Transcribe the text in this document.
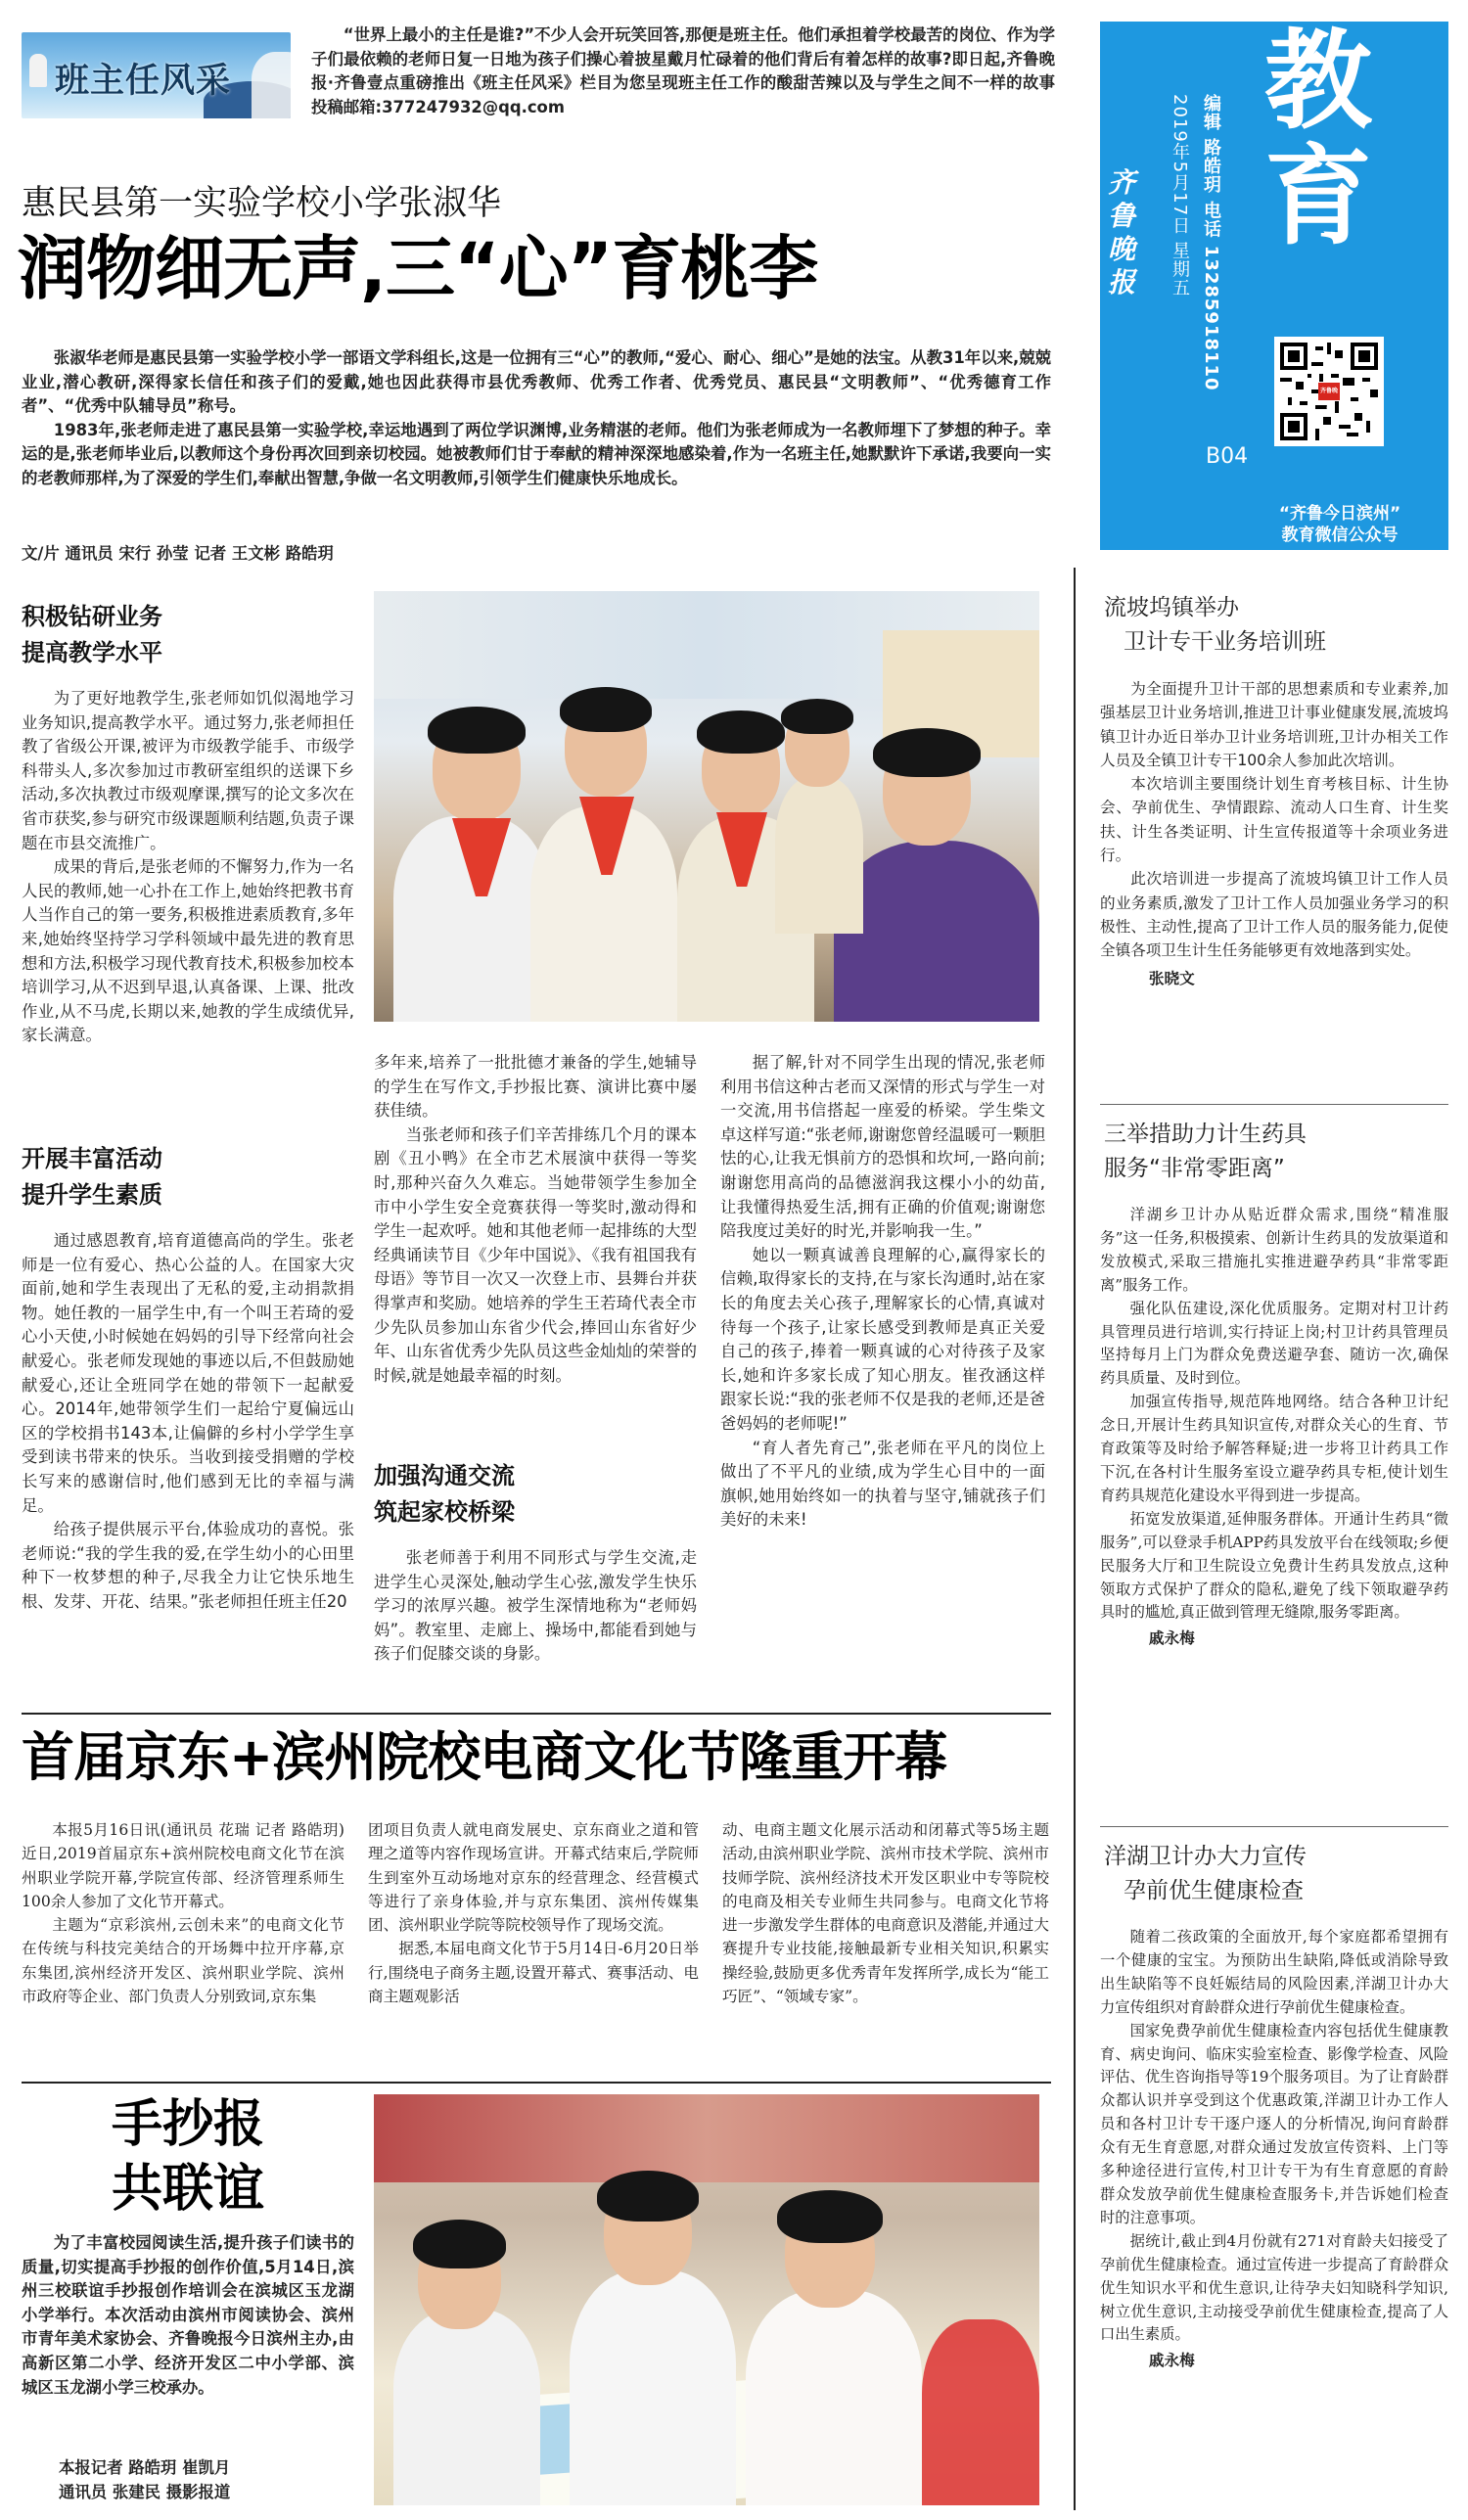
班主任风采
“世界上最小的主任是谁?”不少人会开玩笑回答,那便是班主任。他们承担着学校最苦的岗位、作为学子们最依赖的老师日复一日地为孩子们操心着披星戴月忙碌着的他们背后有着怎样的故事?即日起,齐鲁晚报·齐鲁壹点重磅推出《班主任风采》栏目为您呈现班主任工作的酸甜苦辣以及与学生之间不一样的故事投稿邮箱:377247932@qq.com
齐鲁晚报	2019年5月17日 星期五 编辑 路皓玥 电话 13285918110
教育
齐鲁晚报
B04
“齐鲁今日滨州”
教育微信公众号
惠民县第一实验学校小学张淑华
润物细无声,三“心”育桃李

张淑华老师是惠民县第一实验学校小学一部语文学科组长,这是一位拥有三“心”的教师,“爱心、耐心、细心”是她的法宝。从教31年以来,兢兢业业,潜心教研,深得家长信任和孩子们的爱戴,她也因此获得市县优秀教师、优秀工作者、优秀党员、惠民县“文明教师”、“优秀德育工作者”、“优秀中队辅导员”称号。

1983年,张老师走进了惠民县第一实验学校,幸运地遇到了两位学识渊博,业务精湛的老师。他们为张老师成为一名教师埋下了梦想的种子。幸运的是,张老师毕业后,以教师这个身份再次回到亲切校园。她被教师们甘于奉献的精神深深地感染着,作为一名班主任,她默默许下承诺,我要向一实的老教师那样,为了深爱的学生们,奉献出智慧,争做一名文明教师,引领学生们健康快乐地成长。

文/片 通讯员 宋行 孙莹 记者 王文彬 路皓玥
积极钻研业务
提高教学水平

为了更好地教学生,张老师如饥似渴地学习业务知识,提高教学水平。通过努力,张老师担任教了省级公开课,被评为市级教学能手、市级学科带头人,多次参加过市教研室组织的送课下乡活动,多次执教过市级观摩课,撰写的论文多次在省市获奖,参与研究市级课题顺利结题,负责子课题在市县交流推广。

成果的背后,是张老师的不懈努力,作为一名人民的教师,她一心扑在工作上,她始终把教书育人当作自己的第一要务,积极推进素质教育,多年来,她始终坚持学习学科领域中最先进的教育思想和方法,积极学习现代教育技术,积极参加校本培训学习,从不迟到早退,认真备课、上课、批改作业,从不马虎,长期以来,她教的学生成绩优异,家长满意。

开展丰富活动
提升学生素质

通过感恩教育,培育道德高尚的学生。张老师是一位有爱心、热心公益的人。在国家大灾面前,她和学生表现出了无私的爱,主动捐款捐物。她任教的一届学生中,有一个叫王若琦的爱心小天使,小时候她在妈妈的引导下经常向社会献爱心。张老师发现她的事迹以后,不但鼓励她献爱心,还让全班同学在她的带领下一起献爱心。2014年,她带领学生们一起给宁夏偏远山区的学校捐书143本,让偏僻的乡村小学学生享受到读书带来的快乐。当收到接受捐赠的学校长写来的感谢信时,他们感到无比的幸福与满足。

给孩子提供展示平台,体验成功的喜悦。张老师说:“我的学生我的爱,在学生幼小的心田里种下一枚梦想的种子,尽我全力让它快乐地生根、发芽、开花、结果。”张老师担任班主任20

多年来,培养了一批批德才兼备的学生,她辅导的学生在写作文,手抄报比赛、演讲比赛中屡获佳绩。

当张老师和孩子们辛苦排练几个月的课本剧《丑小鸭》在全市艺术展演中获得一等奖时,那种兴奋久久难忘。当她带领学生参加全市中小学生安全竞赛获得一等奖时,激动得和学生一起欢呼。她和其他老师一起排练的大型经典诵读节目《少年中国说》、《我有祖国我有母语》等节目一次又一次登上市、县舞台并获得掌声和奖励。她培养的学生王若琦代表全市少先队员参加山东省少代会,捧回山东省好少年、山东省优秀少先队员这些金灿灿的荣誉的时候,就是她最幸福的时刻。

加强沟通交流
筑起家校桥梁

张老师善于利用不同形式与学生交流,走进学生心灵深处,触动学生心弦,激发学生快乐学习的浓厚兴趣。被学生深情地称为“老师妈妈”。教室里、走廊上、操场中,都能看到她与孩子们促膝交谈的身影。

据了解,针对不同学生出现的情况,张老师利用书信这种古老而又深情的形式与学生一对一交流,用书信搭起一座爱的桥梁。学生柴文卓这样写道:“张老师,谢谢您曾经温暖可一颗胆怯的心,让我无惧前方的恐惧和坎坷,一路向前;谢谢您用高尚的品德滋润我这棵小小的幼苗,让我懂得热爱生活,拥有正确的价值观;谢谢您陪我度过美好的时光,并影响我一生。”

她以一颗真诚善良理解的心,赢得家长的信赖,取得家长的支持,在与家长沟通时,站在家长的角度去关心孩子,理解家长的心情,真诚对待每一个孩子,让家长感受到教师是真正关爱自己的孩子,捧着一颗真诚的心对待孩子及家长,她和许多家长成了知心朋友。崔孜涵这样跟家长说:“我的张老师不仅是我的老师,还是爸爸妈妈的老师呢!”

“育人者先育己”,张老师在平凡的岗位上做出了不平凡的业绩,成为学生心目中的一面旗帜,她用始终如一的执着与坚守,铺就孩子们美好的未来!

首届京东+滨州院校电商文化节隆重开幕

本报5月16日讯(通讯员 花瑞 记者 路皓玥) 近日,2019首届京东+滨州院校电商文化节在滨州职业学院开幕,学院宣传部、经济管理系师生100余人参加了文化节开幕式。

主题为“京彩滨州,云创未来”的电商文化节在传统与科技完美结合的开场舞中拉开序幕,京东集团,滨州经济开发区、滨州职业学院、滨州市政府等企业、部门负责人分别致词,京东集

团项目负责人就电商发展史、京东商业之道和管理之道等内容作现场宣讲。开幕式结束后,学院师生到室外互动场地对京东的经营理念、经营模式等进行了亲身体验,并与京东集团、滨州传媒集团、滨州职业学院等院校领导作了现场交流。

据悉,本届电商文化节于5月14日-6月20日举行,围绕电子商务主题,设置开幕式、赛事活动、电商主题观影活

动、电商主题文化展示活动和闭幕式等5场主题活动,由滨州职业学院、滨州市技术学院、滨州市技师学院、滨州经济技术开发区职业中专等院校的电商及相关专业师生共同参与。电商文化节将进一步激发学生群体的电商意识及潜能,并通过大赛提升专业技能,接触最新专业相关知识,积累实操经验,鼓励更多优秀青年发挥所学,成长为“能工巧匠”、“领域专家”。

手抄报
共联谊

为了丰富校园阅读生活,提升孩子们读书的质量,切实提高手抄报的创作价值,5月14日,滨州三校联谊手抄报创作培训会在滨城区玉龙湖小学举行。本次活动由滨州市阅读协会、滨州市青年美术家协会、齐鲁晚报今日滨州主办,由高新区第二小学、经济开发区二中小学部、滨城区玉龙湖小学三校承办。

本报记者 路皓玥 崔凯月
通讯员 张建民 摄影报道
流坡坞镇举办
卫计专干业务培训班

为全面提升卫计干部的思想素质和专业素养,加强基层卫计业务培训,推进卫计事业健康发展,流坡坞镇卫计办近日举办卫计业务培训班,卫计办相关工作人员及全镇卫计专干100余人参加此次培训。

本次培训主要围绕计划生育考核目标、计生协会、孕前优生、孕情跟踪、流动人口生育、计生奖扶、计生各类证明、计生宣传报道等十余项业务进行。

此次培训进一步提高了流坡坞镇卫计工作人员的业务素质,激发了卫计工作人员加强业务学习的积极性、主动性,提高了卫计工作人员的服务能力,促使全镇各项卫生计生任务能够更有效地落到实处。

张晓文
三举措助力计生药具
服务“非常零距离”

洋湖乡卫计办从贴近群众需求,围绕“精准服务”这一任务,积极摸索、创新计生药具的发放渠道和发放模式,采取三措施扎实推进避孕药具“非常零距离”服务工作。

强化队伍建设,深化优质服务。定期对村卫计药具管理员进行培训,实行持证上岗;村卫计药具管理员坚持每月上门为群众免费送避孕套、随访一次,确保药具质量、及时到位。

加强宣传指导,规范阵地网络。结合各种卫计纪念日,开展计生药具知识宣传,对群众关心的生育、节育政策等及时给予解答释疑;进一步将卫计药具工作下沉,在各村计生服务室设立避孕药具专柜,使计划生育药具规范化建设水平得到进一步提高。

拓宽发放渠道,延伸服务群体。开通计生药具“微服务”,可以登录手机APP药具发放平台在线领取;乡便民服务大厅和卫生院设立免费计生药具发放点,这种领取方式保护了群众的隐私,避免了线下领取避孕药具时的尴尬,真正做到管理无缝隙,服务零距离。

戚永梅
洋湖卫计办大力宣传
孕前优生健康检查

随着二孩政策的全面放开,每个家庭都希望拥有一个健康的宝宝。为预防出生缺陷,降低或消除导致出生缺陷等不良妊娠结局的风险因素,洋湖卫计办大力宣传组织对育龄群众进行孕前优生健康检查。

国家免费孕前优生健康检查内容包括优生健康教育、病史询问、临床实验室检查、影像学检查、风险评估、优生咨询指导等19个服务项目。为了让育龄群众都认识并享受到这个优惠政策,洋湖卫计办工作人员和各村卫计专干逐户逐人的分析情况,询问育龄群众有无生育意愿,对群众通过发放宣传资料、上门等多种途径进行宣传,村卫计专干为有生育意愿的育龄群众发放孕前优生健康检查服务卡,并告诉她们检查时的注意事项。

据统计,截止到4月份就有271对育龄夫妇接受了孕前优生健康检查。通过宣传进一步提高了育龄群众优生知识水平和优生意识,让待孕夫妇知晓科学知识,树立优生意识,主动接受孕前优生健康检查,提高了人口出生素质。

戚永梅
